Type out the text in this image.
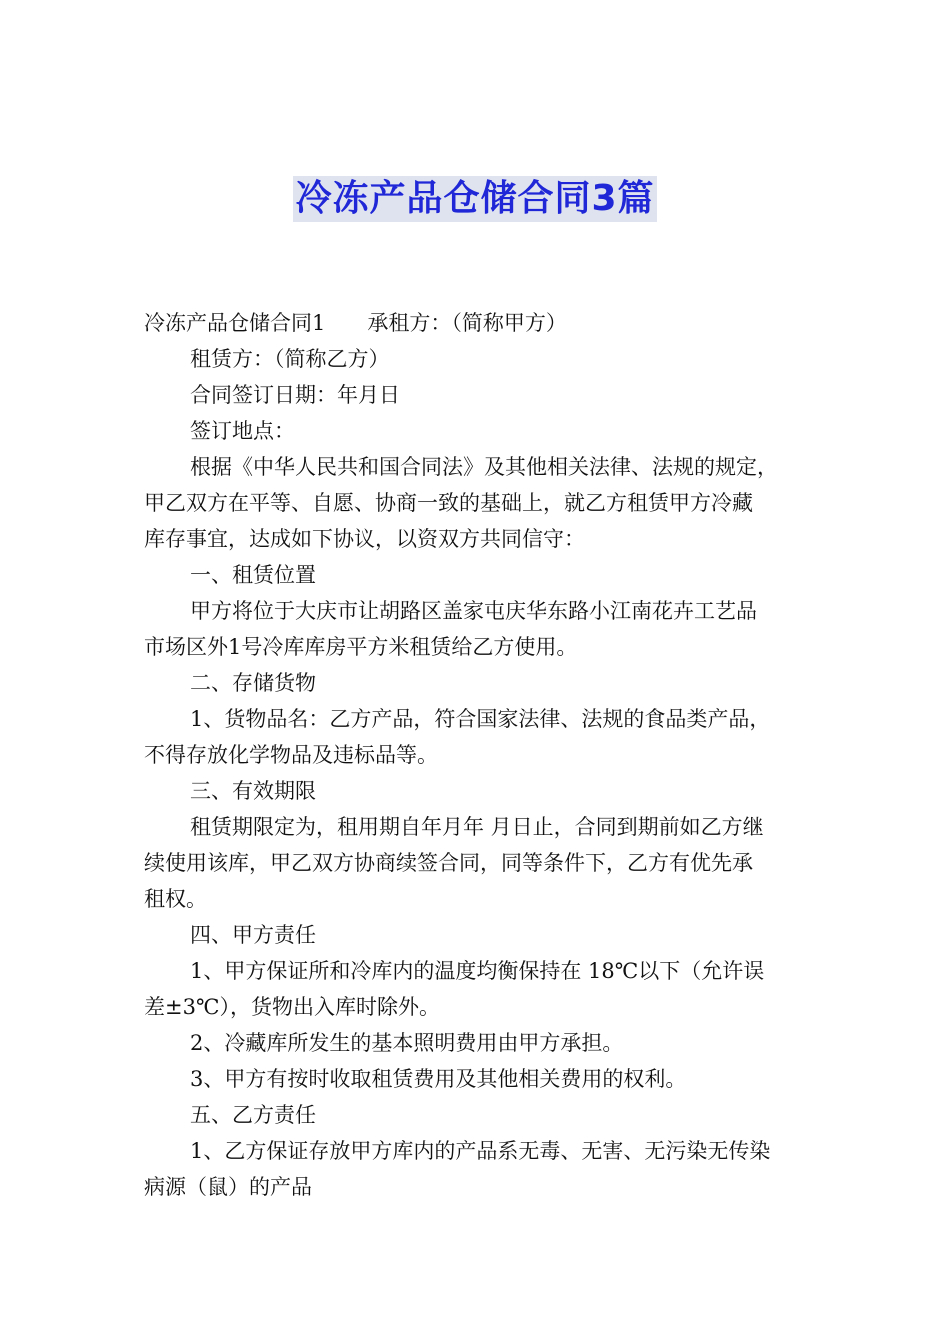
冷冻产品仓储合同3篇
冷冻产品仓储合同1 承租方：（简称甲方）
租赁方：（简称乙方）
合同签订日期：年月日
签订地点：
根据《中华人民共和国合同法》及其他相关法律、法规的规定，
甲乙双方在平等、自愿、协商一致的基础上，就乙方租赁甲方冷藏
库存事宜，达成如下协议，以资双方共同信守：
一、租赁位置
甲方将位于大庆市让胡路区盖家屯庆华东路小江南花卉工艺品
市场区外1号冷库库房平方米租赁给乙方使用。
二、存储货物
1、货物品名：乙方产品，符合国家法律、法规的食品类产品，
不得存放化学物品及违标品等。
三、有效期限
租赁期限定为，租用期自年月年 月日止，合同到期前如乙方继
续使用该库，甲乙双方协商续签合同，同等条件下，乙方有优先承
租权。
四、甲方责任
1、甲方保证所和冷库内的温度均衡保持在 18℃以下（允许误
差±3℃），货物出入库时除外。
2、冷藏库所发生的基本照明费用由甲方承担。
3、甲方有按时收取租赁费用及其他相关费用的权利。
五、乙方责任
1、乙方保证存放甲方库内的产品系无毒、无害、无污染无传染
病源（鼠）的产品
